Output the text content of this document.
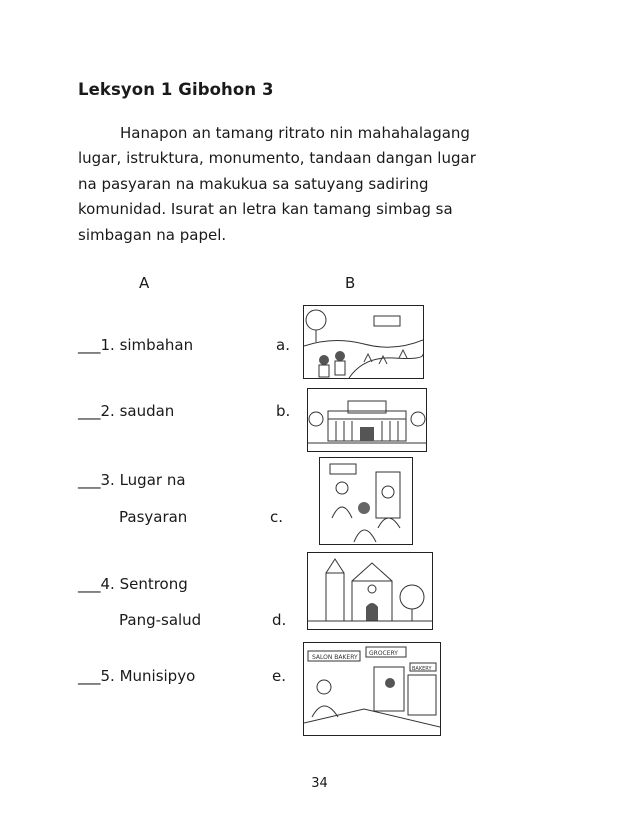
Leksyon 1 Gibohon 3
Hanapon an tamang ritrato nin mahahalagang
lugar, istruktura, monumento, tandaan dangan lugar
na pasyaran na makukua sa satuyang sadiring
komunidad. Isurat an letra kan tamang simbag sa
simbagan na papel.
A	B
___1. simbahan
___2. saudan
___3. Lugar na
Pasyaran
___4. Sentrong
Pang-salud
___5. Munisipyo
a.
b.
c.
d.
e.
SALON BAKERY
GROCERY
BAKERY
34
